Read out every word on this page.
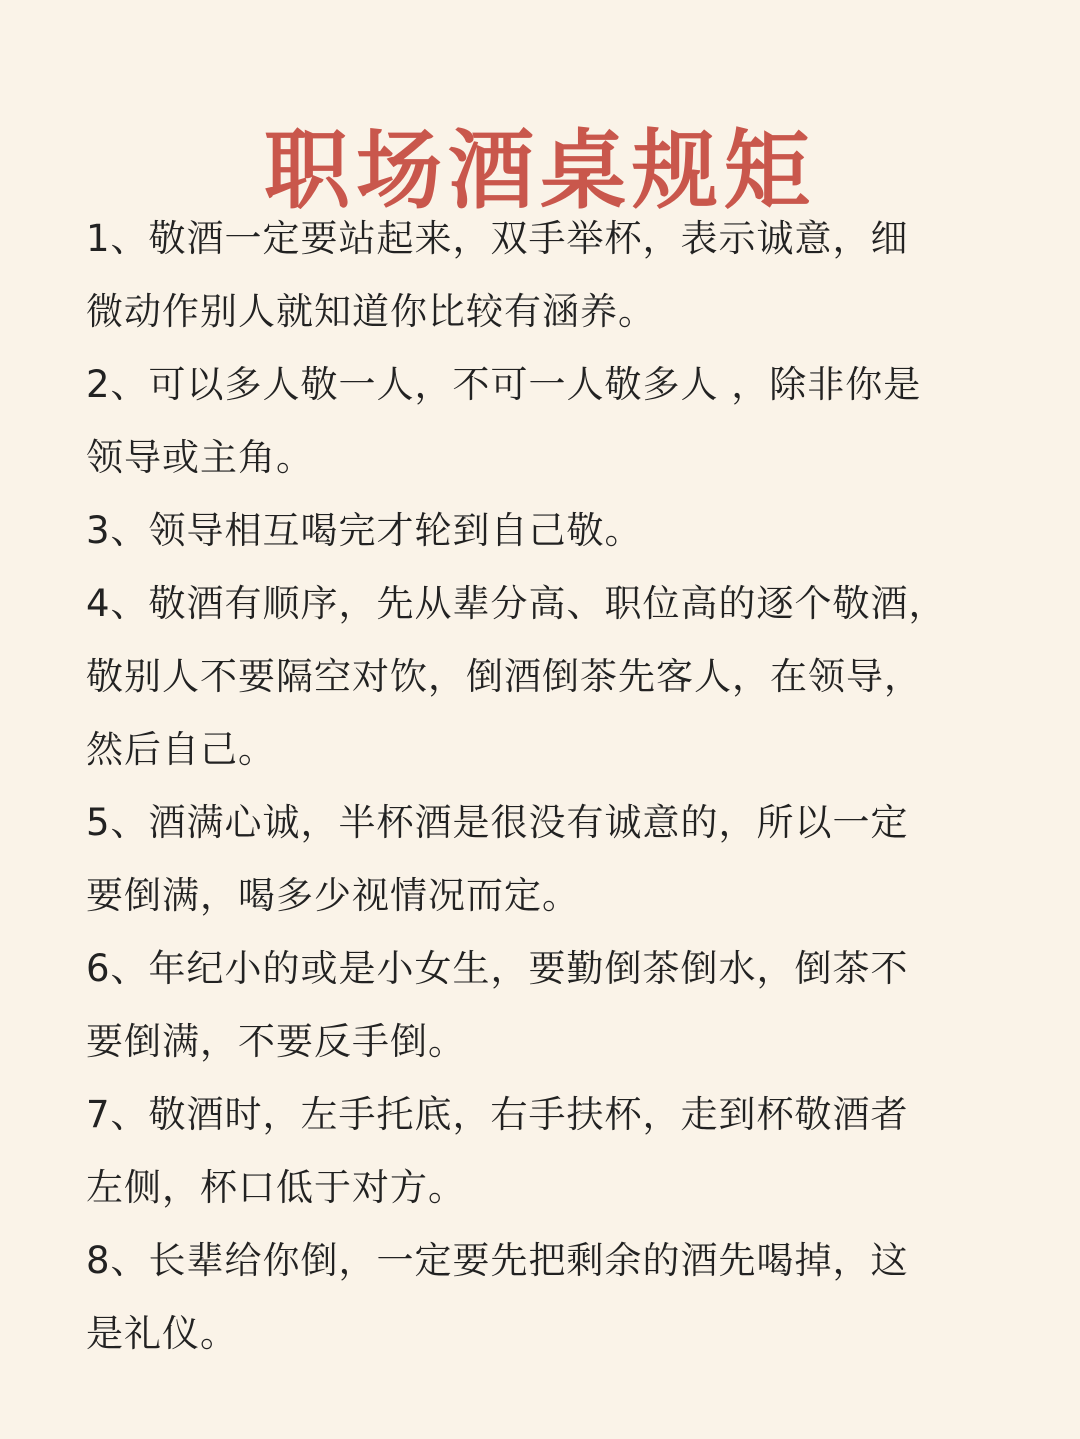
职场酒桌规矩
1、敬酒一定要站起来，双手举杯，表示诚意，细
微动作别人就知道你比较有涵养。
2、可以多人敬一人，不可一人敬多人 ，除非你是
领导或主角。
3、领导相互喝完才轮到自己敬。
4、敬酒有顺序，先从辈分高、职位高的逐个敬酒，
敬别人不要隔空对饮，倒酒倒茶先客人，在领导，
然后自己。
5、酒满心诚，半杯酒是很没有诚意的，所以一定
要倒满，喝多少视情况而定。
6、年纪小的或是小女生，要勤倒茶倒水，倒茶不
要倒满，不要反手倒。
7、敬酒时，左手托底，右手扶杯，走到杯敬酒者
左侧，杯口低于对方。
8、长辈给你倒，一定要先把剩余的酒先喝掉，这
是礼仪。
